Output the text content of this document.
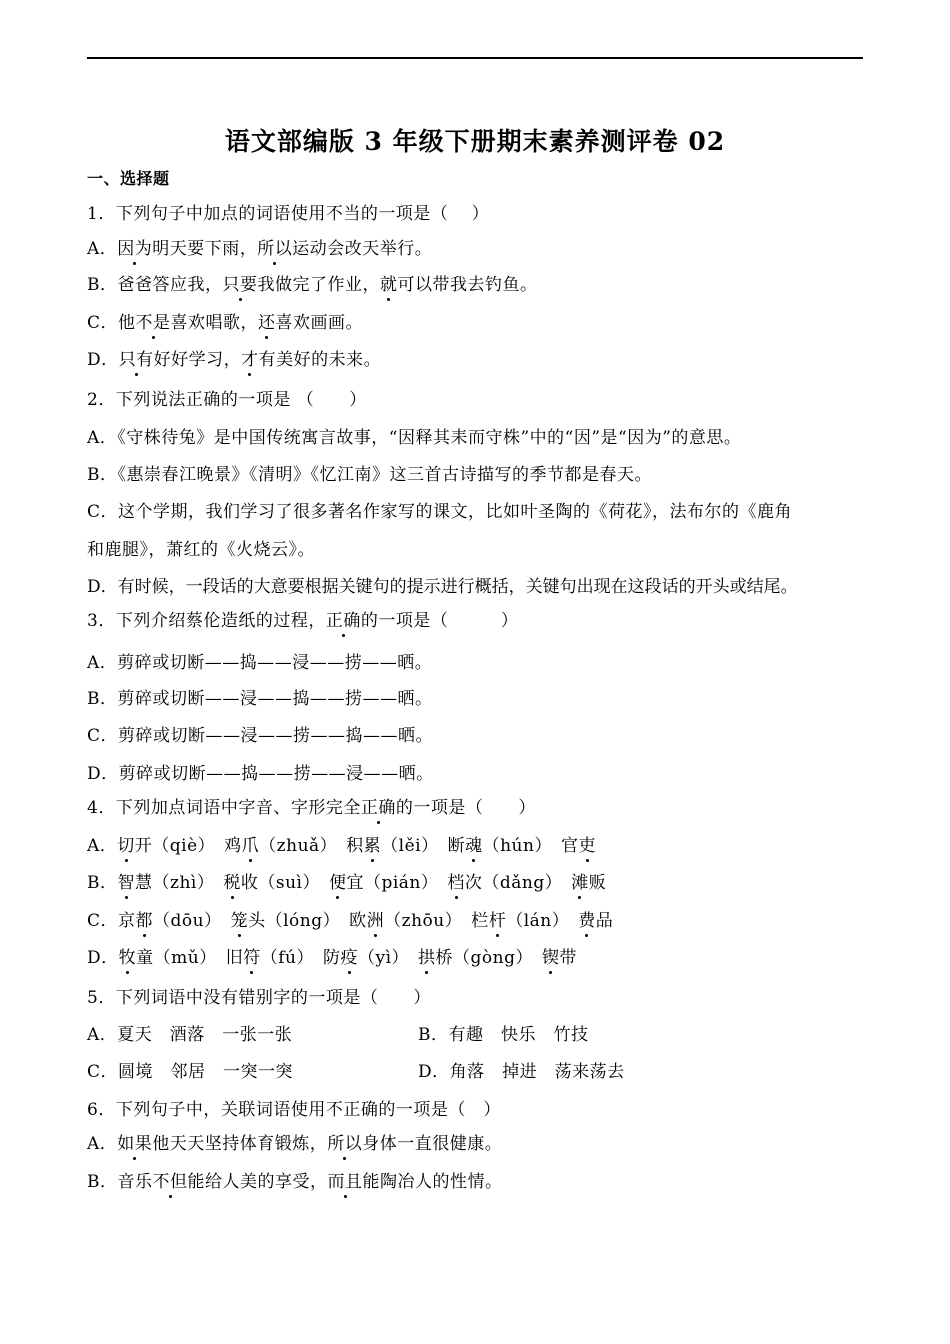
语文部编版 3 年级下册期末素养测评卷 02
一、选择题
1．下列句子中加点的词语使用不当的一项是（　 ）
A．因为明天要下雨，所以运动会改天举行。
B．爸爸答应我，只要我做完了作业，就可以带我去钓鱼。
C．他不是喜欢唱歌，还喜欢画画。
D．只有好好学习，才有美好的未来。
2．下列说法正确的一项是 （　　）
A．《守株待兔》是中国传统寓言故事，“因释其耒而守株”中的“因”是“因为”的意思。
B．《惠崇春江晚景》《清明》《忆江南》这三首古诗描写的季节都是春天。
C．这个学期，我们学习了很多著名作家写的课文，比如叶圣陶的《荷花》，法布尔的《鹿角
和鹿腿》，萧红的《火烧云》。
D．有时候，一段话的大意要根据关键句的提示进行概括，关键句出现在这段话的开头或结尾。
3．下列介绍蔡伦造纸的过程，正确的一项是（　　　）
A．剪碎或切断——捣——浸——捞——晒。
B．剪碎或切断——浸——捣——捞——晒。
C．剪碎或切断——浸——捞——捣——晒。
D．剪碎或切断——捣——捞——浸——晒。
4．下列加点词语中字音、字形完全正确的一项是（　　）
A．切开（qiè）　鸡爪（zhuǎ）　积累（lěi）　断魂（hún）　官吏
B．智慧（zhì）　税收（suì）　便宜（pián）　档次（dǎng）　滩贩
C．京都（dōu）　笼头（lóng）　欧洲（zhōu）　栏杆（lán）　费品
D．牧童（mǔ）　旧符（fú）　防疫（yì）　拱桥（gòng）　锲带
5．下列词语中没有错别字的一项是（　　）
A．夏天　酒落　一张一张	B．有趣　快乐　竹技
C．圆境　邻居　一突一突	D．角落　掉进　荡来荡去
6．下列句子中，关联词语使用不正确的一项是（　）
A．如果他天天坚持体育锻炼，所以身体一直很健康。
B．音乐不但能给人美的享受，而且能陶冶人的性情。
